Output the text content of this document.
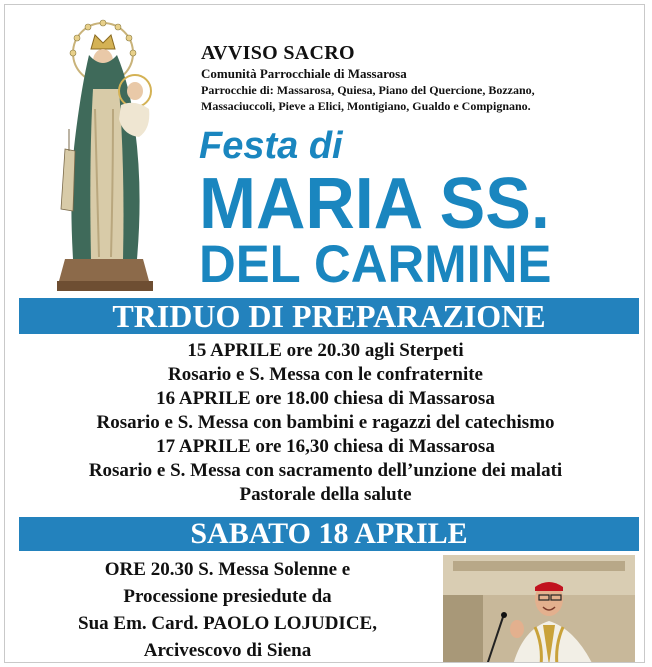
AVVISO SACRO
Comunità Parrocchiale di Massarosa
Parrocchie di: Massarosa, Quiesa, Piano del Quercione, Bozzano,
Massaciuccoli, Pieve a Elici, Montigiano, Gualdo e Compignano.
Festa di
MARIA SS.
DEL CARMINE
TRIDUO DI PREPARAZIONE
15 APRILE ore 20.30 agli Sterpeti
Rosario e S. Messa con le confraternite
16 APRILE ore 18.00 chiesa di Massarosa
Rosario e S. Messa con bambini e ragazzi del catechismo
17 APRILE ore 16,30 chiesa di Massarosa
Rosario e S. Messa con sacramento dell’unzione dei malati
Pastorale della salute
SABATO 18 APRILE
ORE 20.30 S. Messa Solenne e
Processione presiedute da
Sua Em. Card. PAOLO LOJUDICE,
Arcivescovo di Siena
